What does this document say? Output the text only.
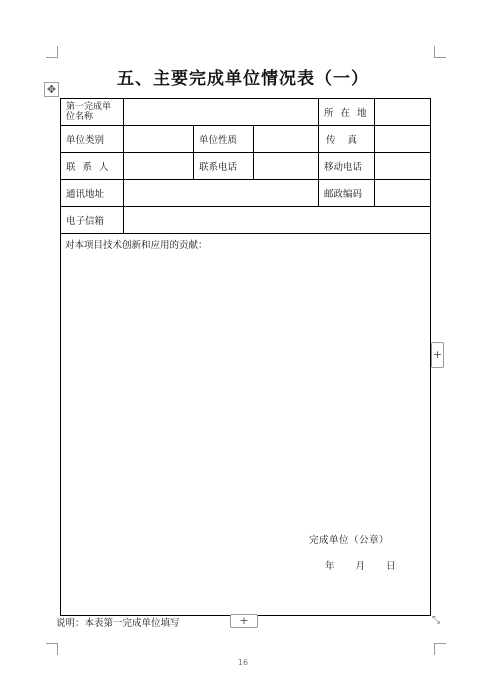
五、主要完成单位情况表（一）
✥
第一完成单位名称				所在地	
单位类别		单位性质		传真	
联系人		联系电话		移动电话	
通讯地址				邮政编码	
电子信箱					

对本项目技术创新和应用的贡献：
完成单位（公章）
年 月 日					
+
⤡
说明：本表第一完成单位填写	+
16
